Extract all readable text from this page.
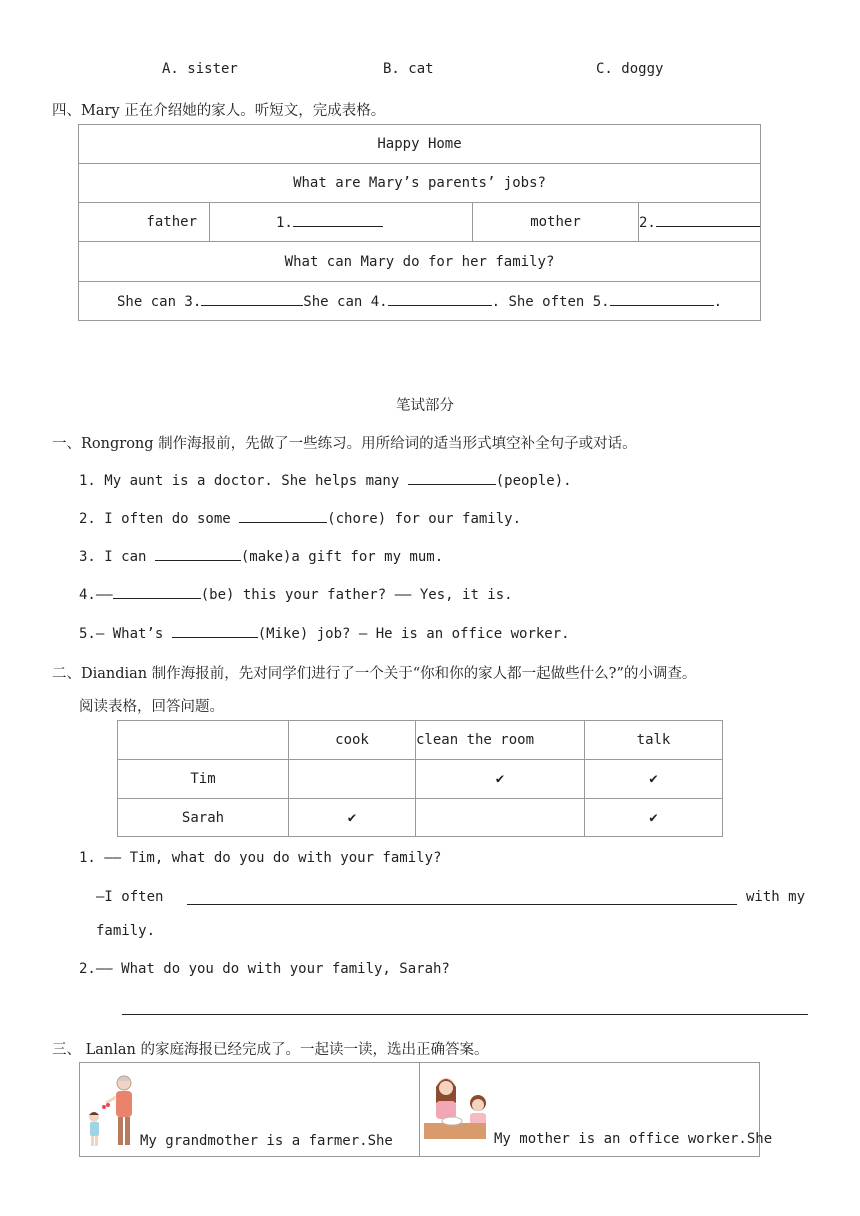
A. sister	B. cat	C. doggy
四、Mary 正在介绍她的家人。听短文，完成表格。
Happy Home
What are Mary’s parents’ jobs?
father	1.	mother	2.
What can Mary do for her family?
She can 3.	She can 4.	. She often 5.	.
笔试部分
一、Rongrong 制作海报前，先做了一些练习。用所给词的适当形式填空补全句子或对话。
1. My aunt is a doctor. She helps many	(people).
2. I often do some	(chore) for our family.
3. I can	(make)a gift for my mum.
4.——	(be) this your father? —— Yes, it is.
5.— What’s	(Mike) job? — He is an office worker.
二、Diandian 制作海报前，先对同学们进行了一个关于“你和你的家人都一起做些什么?”的小调查。
阅读表格，回答问题。
	cook	clean the room	talk
Tim		✔	✔
Sarah	✔		✔
1. —— Tim, what do you do with your family?
—I often	with my
family.
2.—— What do you do with your family, Sarah?
三、 Lanlan 的家庭海报已经完成了。一起读一读，选出正确答案。
My grandmother is a farmer.She	My mother is an office worker.She
